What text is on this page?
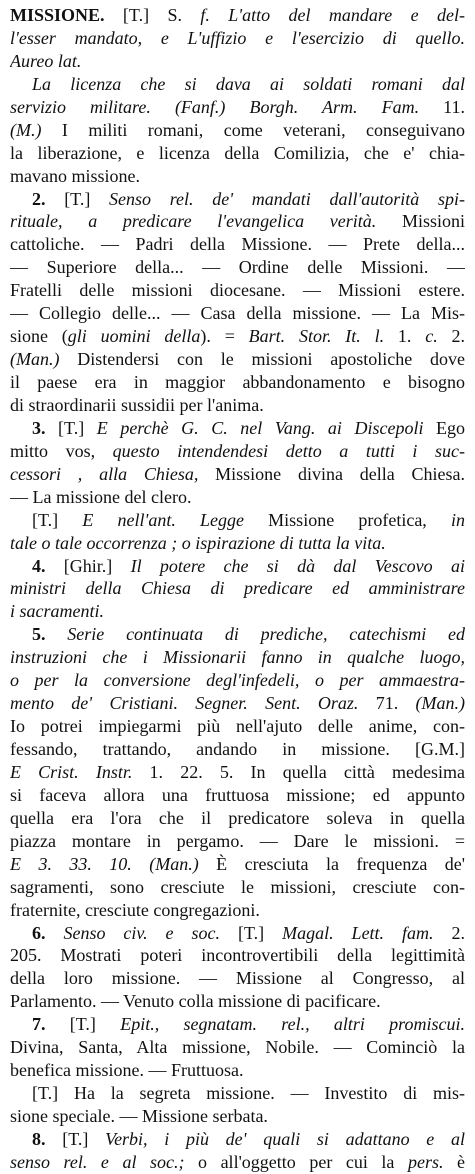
MISSIONE. [T.] S. f. L'atto del mandare e del-
l'esser mandato, e L'uffizio e l'esercizio di quello.
Aureo lat.
La licenza che si dava ai soldati romani dal
servizio militare. (Fanf.) Borgh. Arm. Fam. 11.
(M.) I militi romani, come veterani, conseguivano
la liberazione, e licenza della Comilizia, che e' chia-
mavano missione.
2. [T.] Senso rel. de' mandati dall'autorità spi-
rituale, a predicare l'evangelica verità. Missioni
cattoliche. — Padri della Missione. — Prete della...
— Superiore della... — Ordine delle Missioni. —
Fratelli delle missioni diocesane. — Missioni estere.
— Collegio delle... — Casa della missione. — La Mis-
sione (gli uomini della). = Bart. Stor. It. l. 1. c. 2.
(Man.) Distendersi con le missioni apostoliche dove
il paese era in maggior abbandonamento e bisogno
di straordinarii sussidii per l'anima.
3. [T.] E perchè G. C. nel Vang. ai Discepoli Ego
mitto vos, questo intendendesi detto a tutti i suc-
cessori , alla Chiesa, Missione divina della Chiesa.
— La missione del clero.
[T.] E nell'ant. Legge Missione profetica, in
tale o tale occorrenza ; o ispirazione di tutta la vita.
4. [Ghir.] Il potere che si dà dal Vescovo ai
ministri della Chiesa di predicare ed amministrare
i sacramenti.
5. Serie continuata di prediche, catechismi ed
instruzioni che i Missionarii fanno in qualche luogo,
o per la conversione degl'infedeli, o per ammaestra-
mento de' Cristiani. Segner. Sent. Oraz. 71. (Man.)
Io potrei impiegarmi più nell'ajuto delle anime, con-
fessando, trattando, andando in missione. [G.M.]
E Crist. Instr. 1. 22. 5. In quella città medesima
si faceva allora una fruttuosa missione; ed appunto
quella era l'ora che il predicatore soleva in quella
piazza montare in pergamo. — Dare le missioni. =
E 3. 33. 10. (Man.) È cresciuta la frequenza de'
sagramenti, sono cresciute le missioni, cresciute con-
fraternite, cresciute congregazioni.
6. Senso civ. e soc. [T.] Magal. Lett. fam. 2.
205. Mostrati poteri incontrovertibili della legittimità
della loro missione. — Missione al Congresso, al
Parlamento. — Venuto colla missione di pacificare.
7. [T.] Epit., segnatam. rel., altri promiscui.
Divina, Santa, Alta missione, Nobile. — Cominciò la
benefica missione. — Fruttuosa.
[T.] Ha la segreta missione. — Investito di mis-
sione speciale. — Missione serbata.
8. [T.] Verbi, i più de' quali si adattano e al
senso rel. e al soc.; o all'oggetto per cui la pers. è
